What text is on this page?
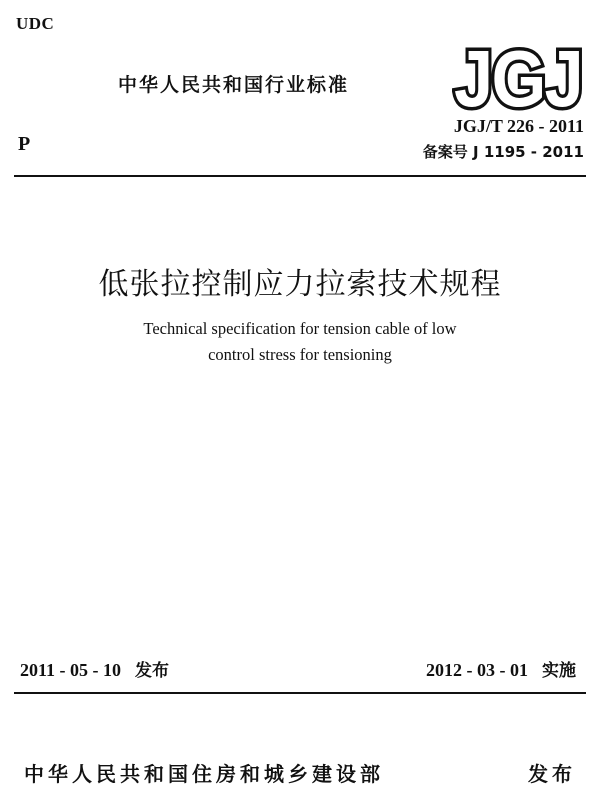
UDC
中华人民共和国行业标准 JGJ
P
JGJ/T 226 - 2011
备案号 J 1195 - 2011
低张拉控制应力拉索技术规程
Technical specification for tension cable of low
control stress for tensioning
2011 - 05 - 10 发布	2012 - 03 - 01 实施
中华人民共和国住房和城乡建设部	发布
